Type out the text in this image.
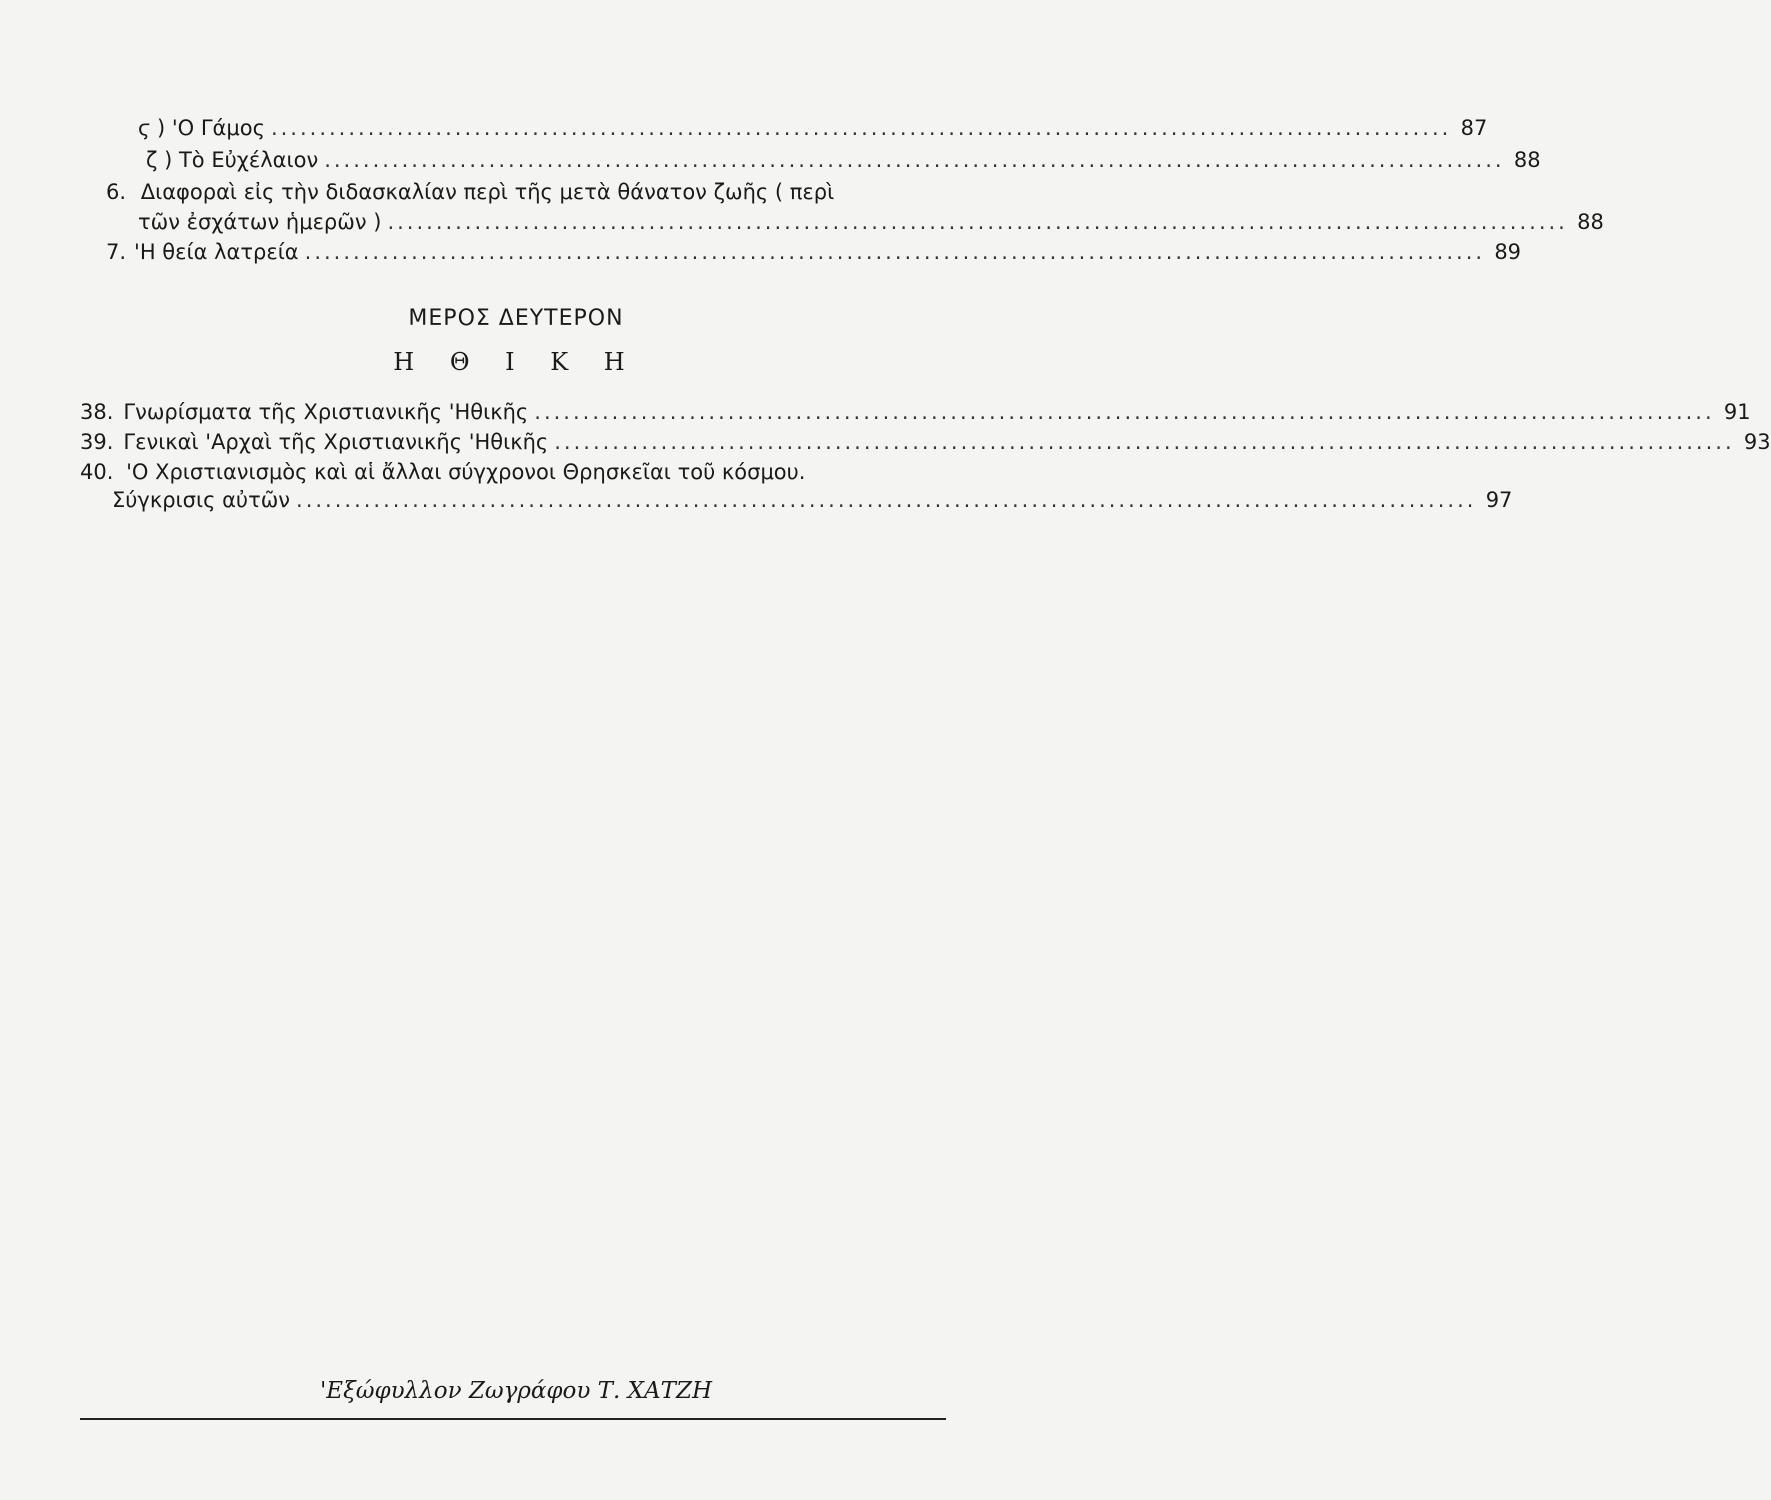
ϛ ) 'Ο Γάμος .......................................................................................................................... 87
ζ ) Τὸ Εὐχέλαιον .......................................................................................................................... 88
6. Διαφοραὶ εἰς τὴν διδασκαλίαν περὶ τῆς μετὰ θάνατον ζωῆς ( περὶ
τῶν ἐσχάτων ἡμερῶν ) .......................................................................................................................... 88
7. 'Η θεία λατρεία .......................................................................................................................... 89
ΜΕΡΟΣ ΔΕΥΤΕΡΟΝ
Η Θ Ι Κ Η
38. Γνωρίσματα τῆς Χριστιανικῆς 'Ηθικῆς .......................................................................................................................... 91
39. Γενικαὶ 'Αρχαὶ τῆς Χριστιανικῆς 'Ηθικῆς .......................................................................................................................... 93
40. 'Ο Χριστιανισμὸς καὶ αἱ ἄλλαι σύγχρονοι Θρησκεῖαι τοῦ κόσμου.
Σύγκρισις αὐτῶν .......................................................................................................................... 97
'Εξώφυλλον Ζωγράφου Τ. ΧΑΤΖΗ
